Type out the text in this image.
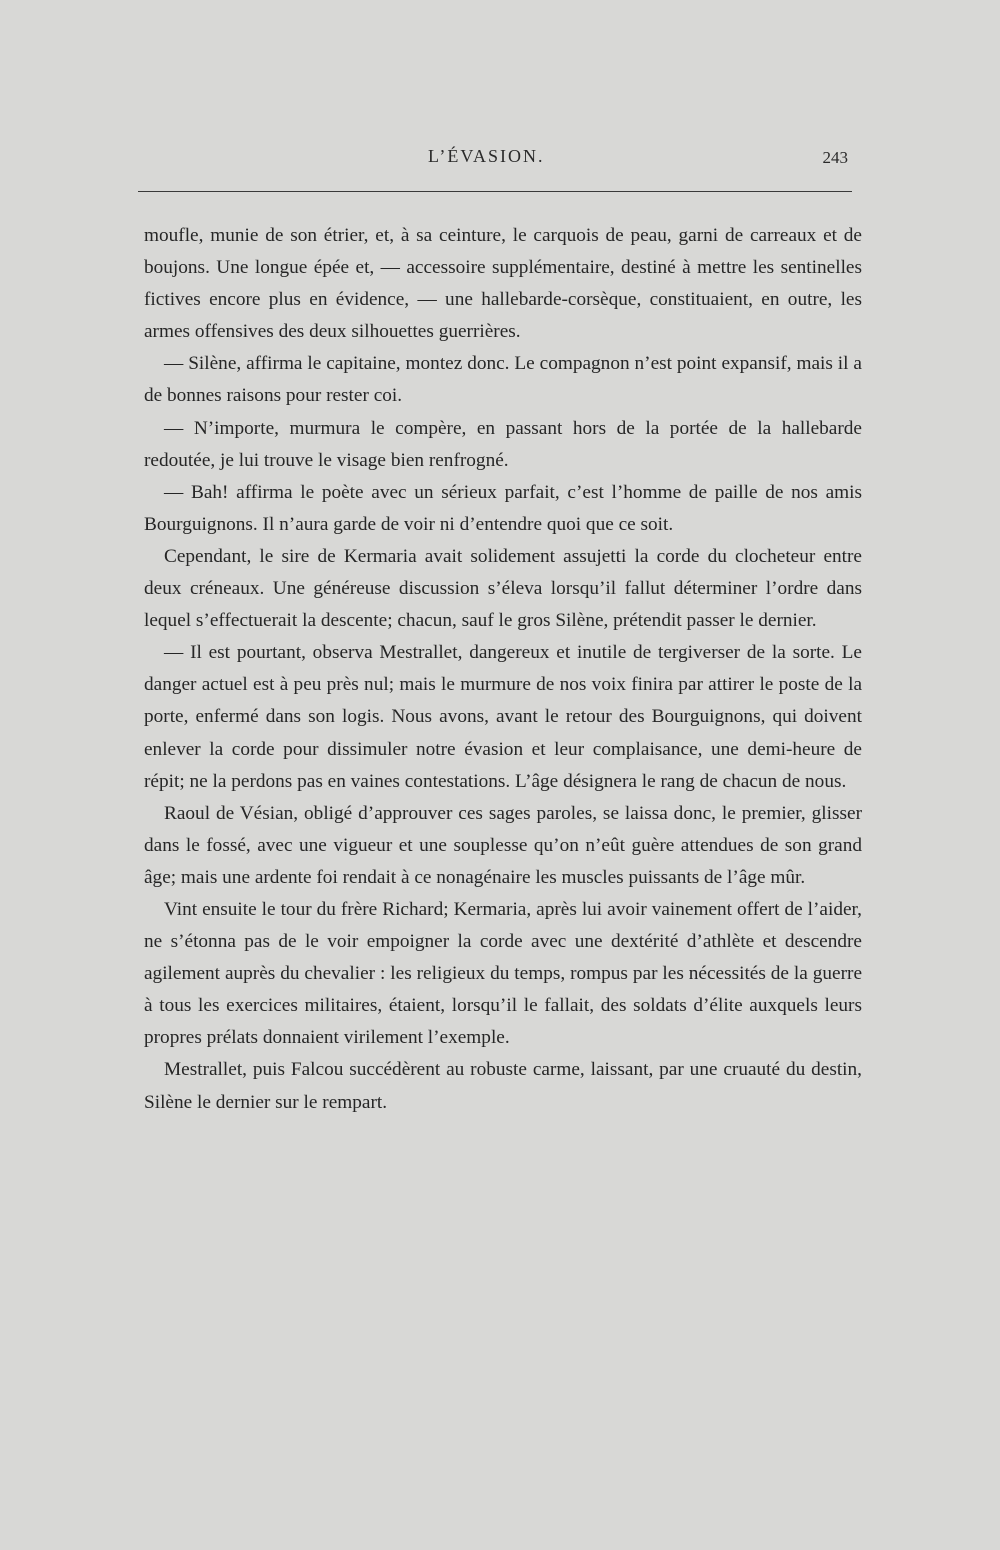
L’ÉVASION.	243

moufle, munie de son étrier, et, à sa ceinture, le carquois de peau, garni de carreaux et de boujons. Une longue épée et, — accessoire supplémentaire, destiné à mettre les sentinelles fictives encore plus en évidence, — une hallebarde-corsèque, constituaient, en outre, les armes offensives des deux silhouettes guerrières.

— Silène, affirma le capitaine, montez donc. Le compagnon n’est point expansif, mais il a de bonnes raisons pour rester coi.

— N’importe, murmura le compère, en passant hors de la portée de la hallebarde redoutée, je lui trouve le visage bien renfrogné.

— Bah! affirma le poète avec un sérieux parfait, c’est l’homme de paille de nos amis Bourguignons. Il n’aura garde de voir ni d’entendre quoi que ce soit.

Cependant, le sire de Kermaria avait solidement assujetti la corde du clocheteur entre deux créneaux. Une généreuse discussion s’éleva lorsqu’il fallut déterminer l’ordre dans lequel s’effectuerait la descente; chacun, sauf le gros Silène, prétendit passer le dernier.

— Il est pourtant, observa Mestrallet, dangereux et inutile de tergiverser de la sorte. Le danger actuel est à peu près nul; mais le murmure de nos voix finira par attirer le poste de la porte, enfermé dans son logis. Nous avons, avant le retour des Bourguignons, qui doivent enlever la corde pour dissimuler notre évasion et leur complaisance, une demi-heure de répit; ne la perdons pas en vaines contestations. L’âge désignera le rang de chacun de nous.

Raoul de Vésian, obligé d’approuver ces sages paroles, se laissa donc, le premier, glisser dans le fossé, avec une vigueur et une souplesse qu’on n’eût guère attendues de son grand âge; mais une ardente foi rendait à ce nonagénaire les muscles puissants de l’âge mûr.

Vint ensuite le tour du frère Richard; Kermaria, après lui avoir vainement offert de l’aider, ne s’étonna pas de le voir empoigner la corde avec une dextérité d’athlète et descendre agilement auprès du chevalier : les religieux du temps, rompus par les nécessités de la guerre à tous les exercices militaires, étaient, lorsqu’il le fallait, des soldats d’élite auxquels leurs propres prélats donnaient virilement l’exemple.

Mestrallet, puis Falcou succédèrent au robuste carme, laissant, par une cruauté du destin, Silène le dernier sur le rempart.
